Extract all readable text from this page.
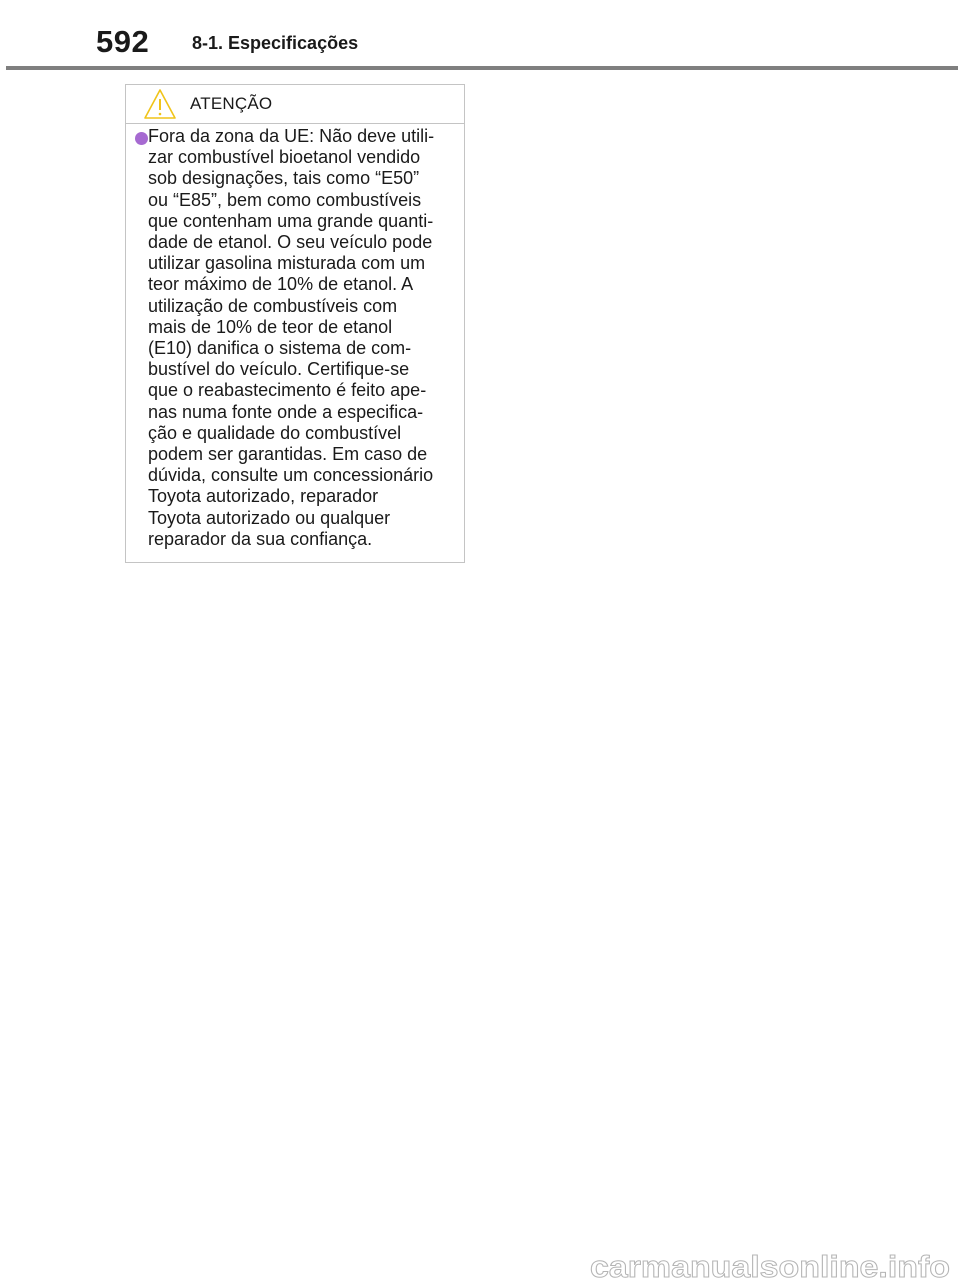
592 8-1. Especificações
ATENÇÃO

Fora da zona da UE: Não deve utili-
zar combustível bioetanol vendido
sob designações, tais como “E50”
ou “E85”, bem como combustíveis
que contenham uma grande quanti-
dade de etanol. O seu veículo pode
utilizar gasolina misturada com um
teor máximo de 10% de etanol. A
utilização de combustíveis com
mais de 10% de teor de etanol
(E10) danifica o sistema de com-
bustível do veículo. Certifique-se
que o reabastecimento é feito ape-
nas numa fonte onde a especifica-
ção e qualidade do combustível
podem ser garantidas. Em caso de
dúvida, consulte um concessionário
Toyota autorizado, reparador
Toyota autorizado ou qualquer
reparador da sua confiança.

carmanualsonline.info
